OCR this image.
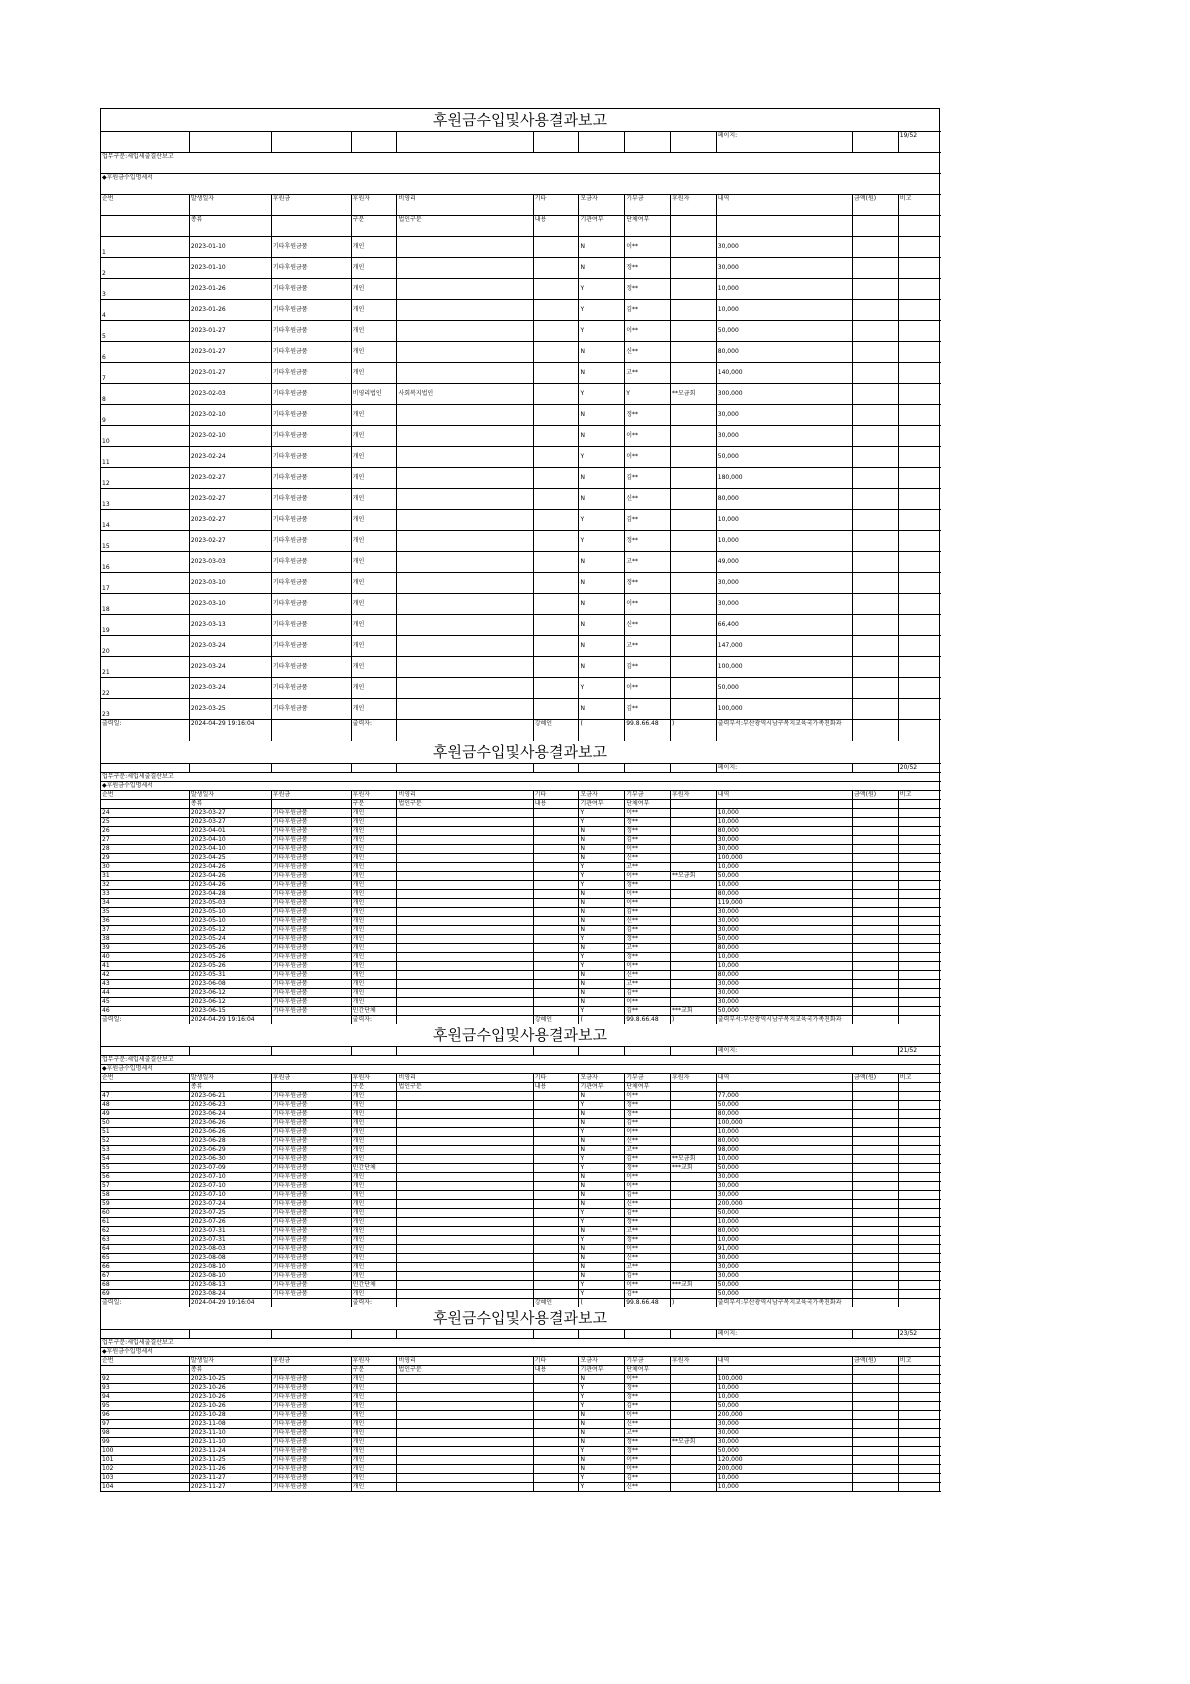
후원금수입및사용결과보고
									페이지:		19/52
업무구분:세입세출결산보고											
◆후원금수입명세서											
순번	발생일자	후원금	후원자	비영리	기타	모금자	기부금	후원자	내역	금액(원)	비고
	종류		구분	법인구분	내용	기관여부	단체여부				
1	2023-01-10	기타후원금품	개인			N	이**		30,000		
2	2023-01-10	기타후원금품	개인			N	정**		30,000		
3	2023-01-26	기타후원금품	개인			Y	정**		10,000		
4	2023-01-26	기타후원금품	개인			Y	김**		10,000		
5	2023-01-27	기타후원금품	개인			Y	이**		50,000		
6	2023-01-27	기타후원금품	개인			N	신**		80,000		
7	2023-01-27	기타후원금품	개인			N	고**		140,000		
8	2023-02-03	기타후원금품	비영리법인	사회복지법인		Y	Y	**모금회	300,000		
9	2023-02-10	기타후원금품	개인			N	정**		30,000		
10	2023-02-10	기타후원금품	개인			N	이**		30,000		
11	2023-02-24	기타후원금품	개인			Y	이**		50,000		
12	2023-02-27	기타후원금품	개인			N	김**		180,000		
13	2023-02-27	기타후원금품	개인			N	신**		80,000		
14	2023-02-27	기타후원금품	개인			Y	김**		10,000		
15	2023-02-27	기타후원금품	개인			Y	정**		10,000		
16	2023-03-03	기타후원금품	개인			N	고**		49,000		
17	2023-03-10	기타후원금품	개인			N	정**		30,000		
18	2023-03-10	기타후원금품	개인			N	이**		30,000		
19	2023-03-13	기타후원금품	개인			N	신**		66,400		
20	2023-03-24	기타후원금품	개인			N	고**		147,000		
21	2023-03-24	기타후원금품	개인			N	김**		100,000		
22	2023-03-24	기타후원금품	개인			Y	이**		50,000		
23	2023-03-25	기타후원금품	개인			N	김**		100,000		
출력일:	2024-04-29 19:16:04		출력자:		강혜인	(	99.8.66.48	)	출력부서:부산광역시남구복지교육국가족친화과		
후원금수입및사용결과보고
									페이지:		20/52
업무구분:세입세출결산보고											
◆후원금수입명세서											
순번	발생일자	후원금	후원자	비영리	기타	모금자	기부금	후원자	내역	금액(원)	비고
	종류		구분	법인구분	내용	기관여부	단체여부				
24	2023-03-27	기타후원금품	개인			Y	이**		10,000		
25	2023-03-27	기타후원금품	개인			Y	정**		10,000		
26	2023-04-01	기타후원금품	개인			N	정**		80,000		
27	2023-04-10	기타후원금품	개인			N	김**		30,000		
28	2023-04-10	기타후원금품	개인			N	이**		30,000		
29	2023-04-25	기타후원금품	개인			N	신**		100,000		
30	2023-04-26	기타후원금품	개인			Y	고**		10,000		
31	2023-04-26	기타후원금품	개인			Y	이**	**모금회	50,000		
32	2023-04-26	기타후원금품	개인			Y	정**		10,000		
33	2023-04-28	기타후원금품	개인			N	이**		80,000		
34	2023-05-03	기타후원금품	개인			N	이**		119,000		
35	2023-05-10	기타후원금품	개인			N	김**		30,000		
36	2023-05-10	기타후원금품	개인			N	신**		30,000		
37	2023-05-12	기타후원금품	개인			N	김**		30,000		
38	2023-05-24	기타후원금품	개인			Y	정**		50,000		
39	2023-05-26	기타후원금품	개인			N	고**		80,000		
40	2023-05-26	기타후원금품	개인			Y	정**		10,000		
41	2023-05-26	기타후원금품	개인			Y	이**		10,000		
42	2023-05-31	기타후원금품	개인			N	신**		80,000		
43	2023-06-08	기타후원금품	개인			N	고**		30,000		
44	2023-06-12	기타후원금품	개인			N	김**		30,000		
45	2023-06-12	기타후원금품	개인			N	이**		30,000		
46	2023-06-15	기타후원금품	민간단체			Y	김**	***교회	50,000		
출력일:	2024-04-29 19:16:04		출력자:		강혜인	(	99.8.66.48	)	출력부서:부산광역시남구복지교육국가족친화과		
후원금수입및사용결과보고
									페이지:		21/52
업무구분:세입세출결산보고											
◆후원금수입명세서											
순번	발생일자	후원금	후원자	비영리	기타	모금자	기부금	후원자	내역	금액(원)	비고
	종류		구분	법인구분	내용	기관여부	단체여부				
47	2023-06-21	기타후원금품	개인			N	이**		77,000		
48	2023-06-23	기타후원금품	개인			Y	정**		50,000		
49	2023-06-24	기타후원금품	개인			N	정**		80,000		
50	2023-06-26	기타후원금품	개인			N	김**		100,000		
51	2023-06-26	기타후원금품	개인			Y	이**		10,000		
52	2023-06-28	기타후원금품	개인			N	신**		80,000		
53	2023-06-29	기타후원금품	개인			N	고**		98,000		
54	2023-06-30	기타후원금품	개인			Y	김**	**모금회	10,000		
55	2023-07-09	기타후원금품	민간단체			Y	정**	***교회	50,000		
56	2023-07-10	기타후원금품	개인			N	이**		30,000		
57	2023-07-10	기타후원금품	개인			N	이**		30,000		
58	2023-07-10	기타후원금품	개인			N	김**		30,000		
59	2023-07-24	기타후원금품	개인			N	신**		200,000		
60	2023-07-25	기타후원금품	개인			Y	김**		50,000		
61	2023-07-26	기타후원금품	개인			Y	정**		10,000		
62	2023-07-31	기타후원금품	개인			N	고**		80,000		
63	2023-07-31	기타후원금품	개인			Y	정**		10,000		
64	2023-08-03	기타후원금품	개인			N	이**		91,000		
65	2023-08-08	기타후원금품	개인			N	신**		30,000		
66	2023-08-10	기타후원금품	개인			N	고**		30,000		
67	2023-08-10	기타후원금품	개인			N	김**		30,000		
68	2023-08-13	기타후원금품	민간단체			Y	이**	***교회	50,000		
69	2023-08-24	기타후원금품	개인			Y	김**		50,000		
출력일:	2024-04-29 19:16:04		출력자:		강혜인	(	99.8.66.48	)	출력부서:부산광역시남구복지교육국가족친화과		
후원금수입및사용결과보고
									페이지:		23/52
업무구분:세입세출결산보고											
◆후원금수입명세서											
순번	발생일자	후원금	후원자	비영리	기타	모금자	기부금	후원자	내역	금액(원)	비고
	종류		구분	법인구분	내용	기관여부	단체여부				
92	2023-10-25	기타후원금품	개인			N	이**		100,000		
93	2023-10-26	기타후원금품	개인			Y	정**		10,000		
94	2023-10-26	기타후원금품	개인			Y	정**		10,000		
95	2023-10-26	기타후원금품	개인			Y	김**		50,000		
96	2023-10-28	기타후원금품	개인			N	이**		200,000		
97	2023-11-08	기타후원금품	개인			N	신**		30,000		
98	2023-11-10	기타후원금품	개인			N	고**		30,000		
99	2023-11-10	기타후원금품	개인			N	정**	**모금회	30,000		
100	2023-11-24	기타후원금품	개인			Y	정**		50,000		
101	2023-11-25	기타후원금품	개인			N	이**		120,000		
102	2023-11-26	기타후원금품	개인			N	이**		200,000		
103	2023-11-27	기타후원금품	개인			Y	김**		10,000		
104	2023-11-27	기타후원금품	개인			Y	신**		10,000		
